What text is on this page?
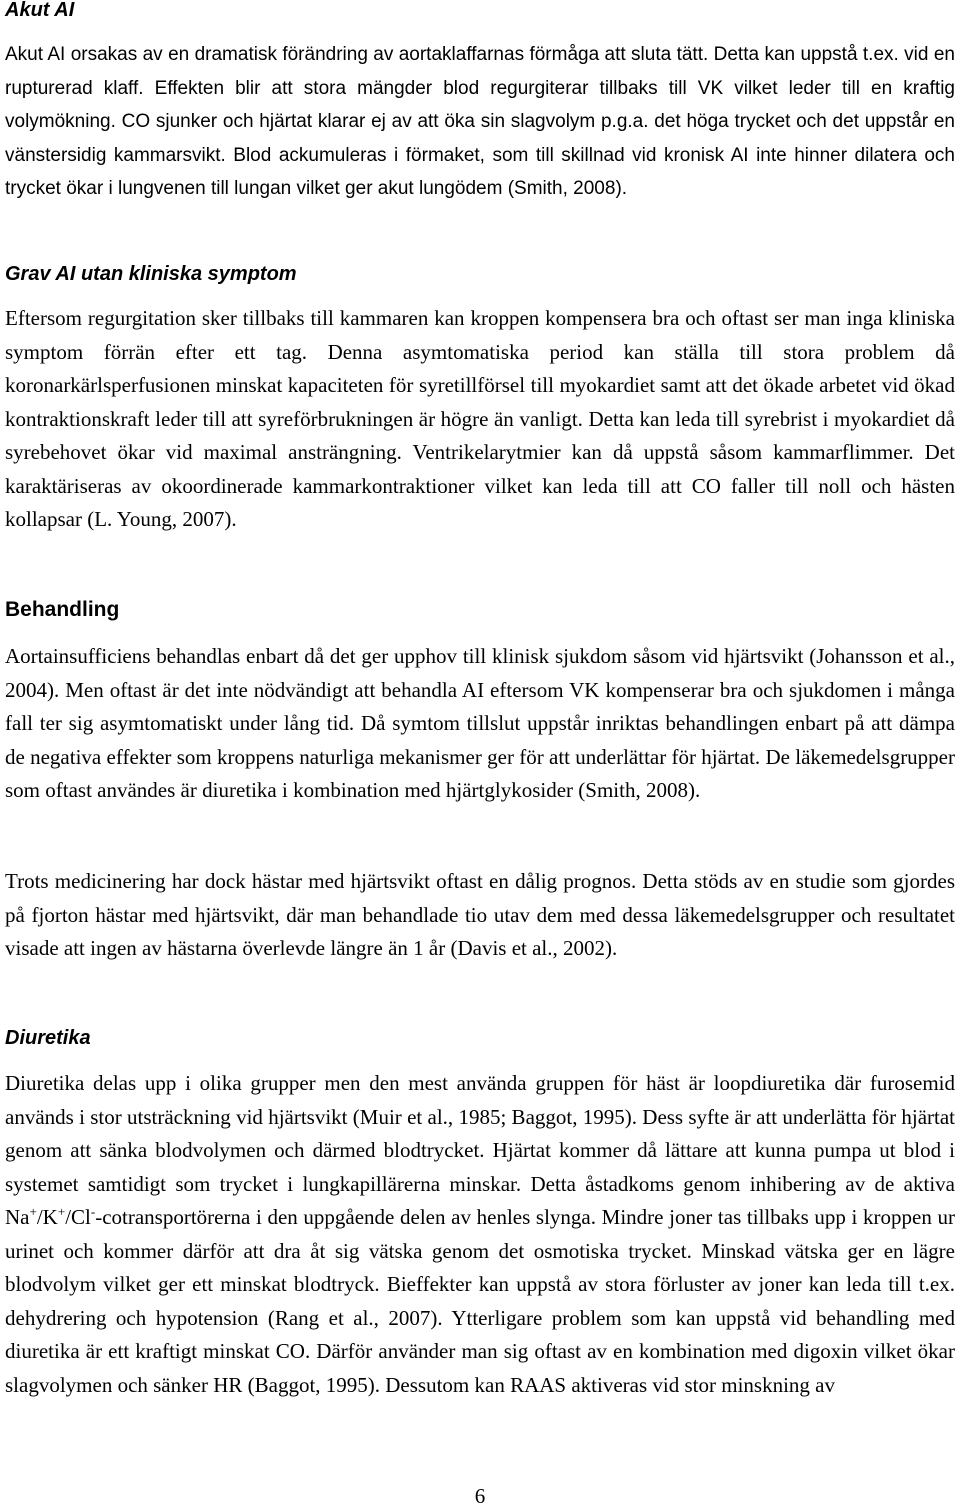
Akut AI

Akut AI orsakas av en dramatisk förändring av aortaklaffarnas förmåga att sluta tätt. Detta kan uppstå t.ex. vid en rupturerad klaff. Effekten blir att stora mängder blod regurgiterar tillbaks till VK vilket leder till en kraftig volymökning. CO sjunker och hjärtat klarar ej av att öka sin slagvolym p.g.a. det höga trycket och det uppstår en vänstersidig kammarsvikt. Blod ackumuleras i förmaket, som till skillnad vid kronisk AI inte hinner dilatera och trycket ökar i lungvenen till lungan vilket ger akut lungödem (Smith, 2008).

Grav AI utan kliniska symptom

Eftersom regurgitation sker tillbaks till kammaren kan kroppen kompensera bra och oftast ser man inga kliniska symptom förrän efter ett tag. Denna asymtomatiska period kan ställa till stora problem då koronarkärlsperfusionen minskat kapaciteten för syretillförsel till myokardiet samt att det ökade arbetet vid ökad kontraktionskraft leder till att syreförbrukningen är högre än vanligt. Detta kan leda till syrebrist i myokardiet då syrebehovet ökar vid maximal ansträngning. Ventrikelarytmier kan då uppstå såsom kammarflimmer. Det karaktäriseras av okoordinerade kammarkontraktioner vilket kan leda till att CO faller till noll och hästen kollapsar (L. Young, 2007).

Behandling

Aortainsufficiens behandlas enbart då det ger upphov till klinisk sjukdom såsom vid hjärtsvikt (Johansson et al., 2004). Men oftast är det inte nödvändigt att behandla AI eftersom VK kompenserar bra och sjukdomen i många fall ter sig asymtomatiskt under lång tid. Då symtom tillslut uppstår inriktas behandlingen enbart på att dämpa de negativa effekter som kroppens naturliga mekanismer ger för att underlättar för hjärtat. De läkemedelsgrupper som oftast användes är diuretika i kombination med hjärtglykosider (Smith, 2008).

Trots medicinering har dock hästar med hjärtsvikt oftast en dålig prognos. Detta stöds av en studie som gjordes på fjorton hästar med hjärtsvikt, där man behandlade tio utav dem med dessa läkemedelsgrupper och resultatet visade att ingen av hästarna överlevde längre än 1 år (Davis et al., 2002).

Diuretika

Diuretika delas upp i olika grupper men den mest använda gruppen för häst är loopdiuretika där furosemid används i stor utsträckning vid hjärtsvikt (Muir et al., 1985; Baggot, 1995). Dess syfte är att underlätta för hjärtat genom att sänka blodvolymen och därmed blodtrycket. Hjärtat kommer då lättare att kunna pumpa ut blod i systemet samtidigt som trycket i lungkapillärerna minskar. Detta åstadkoms genom inhibering av de aktiva Na+/K+/Cl--cotransportörerna i den uppgående delen av henles slynga. Mindre joner tas tillbaks upp i kroppen ur urinet och kommer därför att dra åt sig vätska genom det osmotiska trycket. Minskad vätska ger en lägre blodvolym vilket ger ett minskat blodtryck. Bieffekter kan uppstå av stora förluster av joner kan leda till t.ex. dehydrering och hypotension (Rang et al., 2007). Ytterligare problem som kan uppstå vid behandling med diuretika är ett kraftigt minskat CO. Därför använder man sig oftast av en kombination med digoxin vilket ökar slagvolymen och sänker HR (Baggot, 1995). Dessutom kan RAAS aktiveras vid stor minskning av

6
